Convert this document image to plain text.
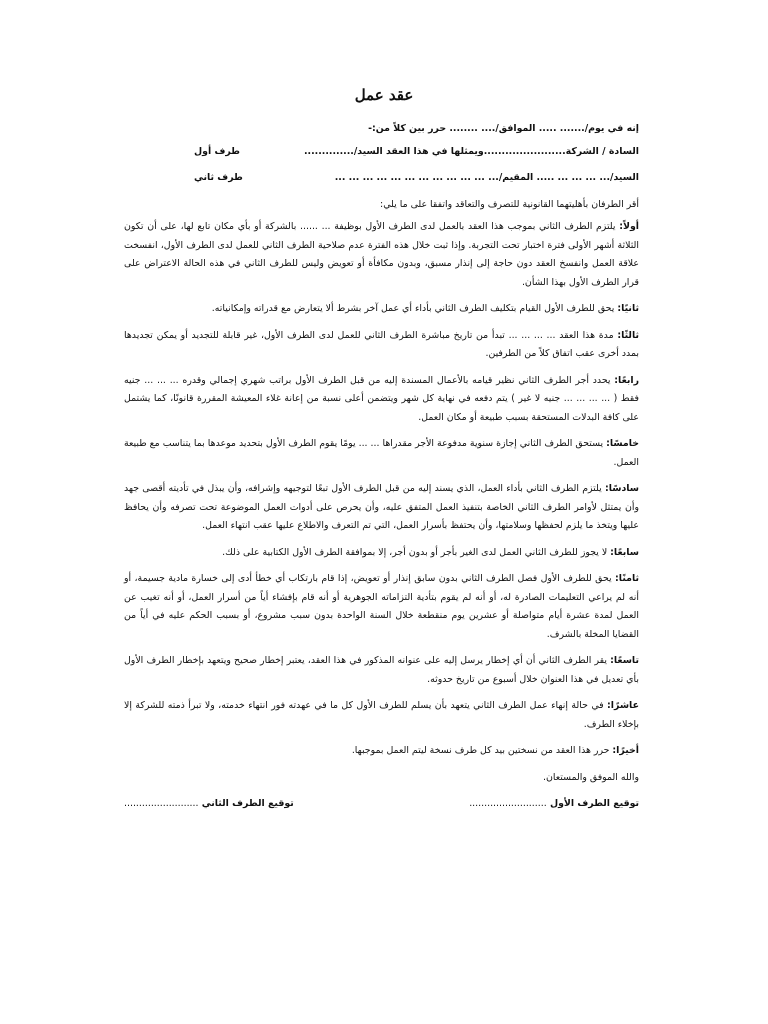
عقد عمل
إنه في يوم/....... ..... الموافق/.... ........ حرر بين كلاً من:-
السادة / الشركة.......................ويمثلها في هذا العقد السيد/..............
طرف أول
السيد/... ... ... ... ..... المقيم/... ... ... ... ... ... ... ... ... ... ... ...
طرف ثاني
أقر الطرفان بأهليتهما القانونية للتصرف والتعاقد واتفقا على ما يلي:
أولاً: يلتزم الطرف الثاني بموجب هذا العقد بالعمل لدى الطرف الأول بوظيفة ... ...... بالشركة أو بأي مكان تابع لها، على أن تكون الثلاثة أشهر الأولى فترة اختبار تحت التجربة. وإذا ثبت خلال هذه الفترة عدم صلاحية الطرف الثاني للعمل لدى الطرف الأول، انفسخت علاقة العمل وانفسخ العقد دون حاجة إلى إنذار مسبق، وبدون مكافأة أو تعويض وليس للطرف الثاني في هذه الحالة الاعتراض على قرار الطرف الأول بهذا الشأن.
ثانيًا: يحق للطرف الأول القيام بتكليف الطرف الثاني بأداء أي عمل آخر بشرط ألا يتعارض مع قدراته وإمكانياته.
ثالثًا: مدة هذا العقد ... ... ... ... تبدأ من تاريخ مباشرة الطرف الثاني للعمل لدى الطرف الأول، غير قابلة للتجديد أو يمكن تجديدها بمدد أخرى عقب اتفاق كلاً من الطرفين.
رابعًا: يحدد أجر الطرف الثاني نظير قيامه بالأعمال المسندة إليه من قبل الطرف الأول براتب شهري إجمالي وقدره ... ... ... جنيه فقط ( ... ... ... ... جنيه لا غير ) يتم دفعه في نهاية كل شهر ويتضمن أعلى نسبة من إعانة غلاء المعيشة المقررة قانونًا، كما يشتمل على كافة البدلات المستحقة بسبب طبيعة أو مكان العمل.
خامسًا: يستحق الطرف الثاني إجازة سنوية مدفوعة الأجر مقدراها ... ... يومًا يقوم الطرف الأول بتحديد موعدها بما يتناسب مع طبيعة العمل.
سادسًا: يلتزم الطرف الثاني بأداء العمل، الذي يسند إليه من قبل الطرف الأول تبعًا لتوجيهه وإشرافه، وأن يبذل في تأديته أقصى جهد وأن يمتثل لأوامر الطرف الثاني الخاصة بتنفيذ العمل المتفق عليه، وأن يحرص على أدوات العمل الموضوعة تحت تصرفه وأن يحافظ عليها ويتخذ ما يلزم لحفظها وسلامتها، وأن يحتفظ بأسرار العمل، التي تم التعرف والاطلاع عليها عقب انتهاء العمل.
سابعًا: لا يجوز للطرف الثاني العمل لدى الغير بأجر أو بدون أجر، إلا بموافقة الطرف الأول الكتابية على ذلك.
ثامنًا: يحق للطرف الأول فصل الطرف الثاني بدون سابق إنذار أو تعويض، إذا قام بارتكاب أي خطأ أدى إلى خسارة مادية جسيمة، أو أنه لم يراعي التعليمات الصادرة له، أو أنه لم يقوم بتأدية التزاماته الجوهرية أو أنه قام بإفشاء أياً من أسرار العمل، أو أنه تغيب عن العمل لمدة عشرة أيام متواصلة أو عشرين يوم منقطعة خلال السنة الواحدة بدون سبب مشروع، أو بسبب الحكم عليه في أياً من القضايا المخلة بالشرف.
تاسعًا: يقر الطرف الثاني أن أي إخطار يرسل إليه على عنوانه المذكور في هذا العقد، يعتبر إخطار صحيح ويتعهد بإخطار الطرف الأول بأي تعديل في هذا العنوان خلال أسبوع من تاريخ حدوثه.
عاشرًا: في حالة إنهاء عمل الطرف الثاني يتعهد بأن يسلم للطرف الأول كل ما في عهدته فور انتهاء خدمته، ولا تبرأ ذمته للشركة إلا بإخلاء الطرف.
أخيرًا: حرر هذا العقد من نسختين بيد كل طرف نسخة ليتم العمل بموجبها.
والله الموفق والمستعان.
توقيع الطرف الأول ..........................
توقيع الطرف الثاني .........................
